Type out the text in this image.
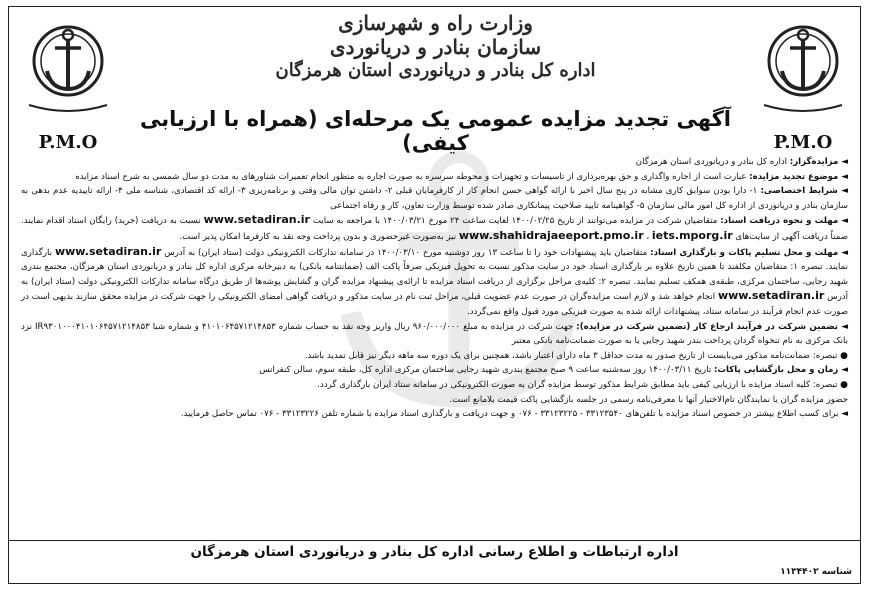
P.M.O	P.M.O
وزارت راه و شهرسازی
سازمان بنادر و دریانوردی
اداره کل بنادر و دریانوردی استان هرمزگان
آگهی تجدید مزایده عمومی یک مرحله‌ای (همراه با ارزیابی کیفی)

◄ مزایده‌گزار: اداره کل بنادر و دریانوردی استان هرمزگان

◄ موضوع تجدید مزایده: عبارت است از اجاره واگذاری و حق بهره‌برداری از تاسیسات و تجهیزات و محوطه سرسره به صورت اجاره به منظور انجام تعمیرات شناورهای به مدت دو سال شمسی به شرح اسناد مزایده

◄ شرایط اختصاصی: ۱- دارا بودن سوابق کاری مشابه در پنج سال اخیر با ارائه گواهی حسن انجام کار از کارفرمایان قبلی ۲- داشتن توان مالی وقتی و برنامه‌ریزی ۳- ارائه کد اقتصادی، شناسه ملی ۴- ارائه تاییدیه عدم بدهی به سازمان بنادر و دریانوردی از اداره کل امور مالی سازمان ۵- گواهینامه تایید صلاحیت پیمانکاری صادر شده توسط وزارت تعاون، کار و رفاه اجتماعی

◄ مهلت و نحوه دریافت اسناد: متقاضیان شرکت در مزایده می‌توانند از تاریخ ۱۴۰۰/۰۲/۲۵ لغایت ساعت ۲۴ مورخ ۱۴۰۰/۰۳/۲۱ با مراجعه به سایت www.setadiran.ir نسبت به دریافت (خرید) رایگان اسناد اقدام نمایند. ضمناً دریافت آگهی از سایت‌های www.shahidrajaeeport.pmo.ir ، iets.mporg.ir نیز به‌صورت غیرحضوری و بدون پرداخت وجه نقد به کارفرما امکان پذیر است.

◄ مهلت و محل تسلیم پاکات و بارگذاری اسناد: متقاضیان باید پیشنهادات خود را تا ساعت ۱۳ روز دوشنبه مورخ ۱۴۰۰/۰۳/۱۰ در سامانه تدارکات الکترونیکی دولت (ستاد ایران) به آدرس www.setadiran.ir بارگذاری نمایند. تبصره ۱: متقاضیان مکلفند تا همین تاریخ علاوه بر بارگذاری اسناد خود در سایت مذکور نسبت به تحویل فیزیکی صرفاً پاکت الف (ضمانتنامه بانکی) به دبیرخانه مرکزی اداره کل بنادر و دریانوردی استان هرمزگان، مجتمع بندری شهید رجایی، ساختمان مرکزی، طبقه‌ی همکف تسلیم نمایند. تبصره ۲: کلیه‌ی مراحل برگزاری از دریافت اسناد مزایده تا ارائه‌ی پیشنهاد مزایده گران و گشایش پوشه‌ها از طریق درگاه سامانه تدارکات الکترونیکی دولت (ستاد ایران) به آدرس www.setadiran.ir انجام خواهد شد و لازم است مزایده‌گران در صورت عدم عضویت قبلی، مراحل ثبت نام در سایت مذکور و دریافت گواهی امضای الکترونیکی را جهت شرکت در مزایده محقق سازند بدیهی است در صورت عدم انجام فرآیند در سامانه ستاد، پیشنهادات ارائه شده به صورت فیزیکی مورد قبول واقع نمی‌گردد.

◄ تضمین شرکت در فرآیند ارجاع کار (تضمین شرکت در مزایده): جهت شرکت در مزایده به مبلغ ۹۶۰/۰۰۰/۰۰۰ ریال واریز وجه نقد به حساب شماره ۴۱۰۱۰۶۴۵۷۱۲۱۴۸۵۳ و شماره شبا IR۹۳۰۱۰۰۰۴۱۰۱۰۶۴۵۷۱۲۱۴۸۵۳ نزد بانک مرکزی به نام تنخواه گردان پرداخت بندر شهید رجایی یا به صورت ضمانت‌نامه بانکی معتبر

● تبصره: ضمانت‌نامه مذکور می‌بایست از تاریخ صدور به مدت حداقل ۳ ماه دارای اعتبار باشد، همچنین برای یک دوره سه ماهه دیگر نیز قابل تمدید باشد.

◄ زمان و محل بازگشایی پاکات: تاریخ ۱۴۰۰/۰۳/۱۱ روز سه‌شنبه ساعت ۹ صبح مجتمع بندری شهید رجایی ساختمان مرکزی اداره کل، طبقه سوم، سالن کنفرانس

● تبصره: کلیه اسناد مزایده با ارزیابی کیفی باید مطابق شرایط مذکور توسط مزایده گران به صورت الکترونیکی در سامانه ستاد ایران بارگذاری گردد.

حضور مزایده گران یا نمایندگان تام‌الاختیار آنها با معرفی‌نامه رسمی در جلسه بازگشایی پاکت قیمت بلامانع است.

◄ برای کسب اطلاع بیشتر در خصوص اسناد مزایده با تلفن‌های ۳۳۱۲۳۵۴۰ - ۳۳۱۲۳۲۲۵ - ۰۷۶ و جهت دریافت و بارگذاری اسناد مزایده با شماره تلفن ۳۳۱۲۳۲۲۶ - ۰۷۶ تماس حاصل فرمایید.

اداره ارتباطات و اطلاع رسانی اداره کل بنادر و دریانوردی استان هرمزگان
شناسه ۱۱۳۴۴۰۲
